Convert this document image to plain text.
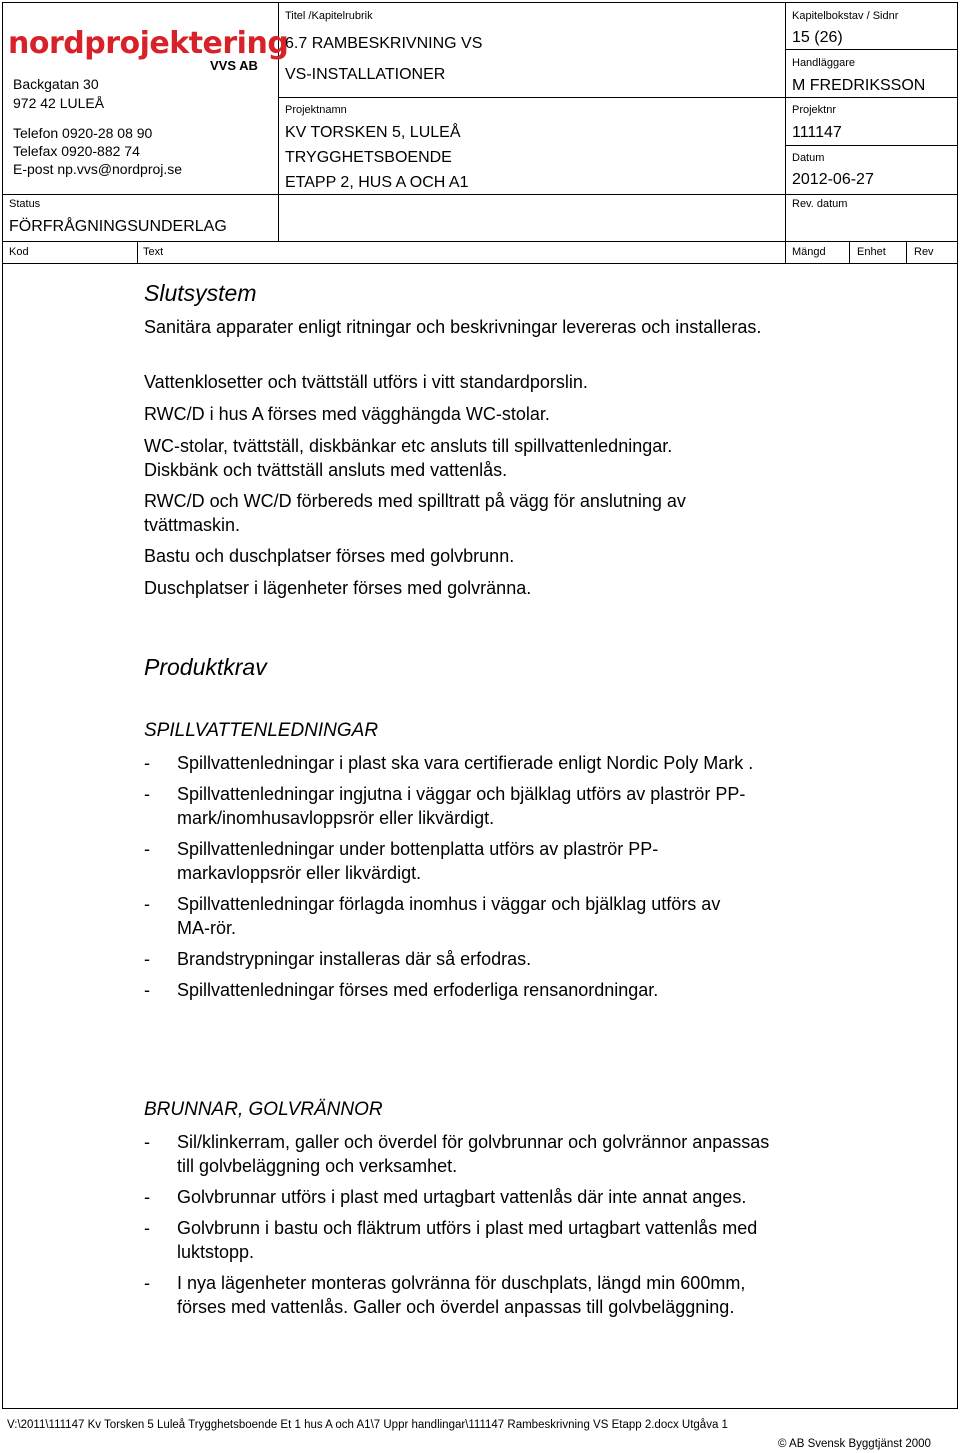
nordprojektering
VVS AB
Backgatan 30
972 42 LULEÅ
Telefon 0920-28 08 90
Telefax 0920-882 74
E-post np.vvs@nordproj.se
Status
FÖRFRÅGNINGSUNDERLAG
Titel /Kapitelrubrik
6.7 RAMBESKRIVNING VS
VS-INSTALLATIONER
Projektnamn
KV TORSKEN 5, LULEÅ
TRYGGHETSBOENDE
ETAPP 2, HUS A OCH A1
Kapitelbokstav / Sidnr
15 (26)
Handläggare
M FREDRIKSSON
Projektnr
111147
Datum
2012-06-27
Rev. datum
Kod	Text	Mängd	Enhet	Rev
Slutsystem
Sanitära apparater enligt ritningar och beskrivningar levereras och installeras.
Vattenklosetter och tvättställ utförs i vitt standardporslin.
RWC/D i hus A förses med vägghängda WC-stolar.
WC-stolar, tvättställ, diskbänkar etc ansluts till spillvattenledningar.
Diskbänk och tvättställ ansluts med vattenlås.
RWC/D och WC/D förbereds med spilltratt på vägg för anslutning av tvättmaskin.
Bastu och duschplatser förses med golvbrunn.
Duschplatser i lägenheter förses med golvränna.
Produktkrav
SPILLVATTENLEDNINGAR
- Spillvattenledningar i plast ska vara certifierade enligt Nordic Poly Mark .
- Spillvattenledningar ingjutna i väggar och bjälklag utförs av plaströr PP-mark/inomhusavloppsrör eller likvärdigt.
- Spillvattenledningar under bottenplatta utförs av plaströr PP-markavloppsrör eller likvärdigt.
- Spillvattenledningar förlagda inomhus i väggar och bjälklag utförs av MA-rör.
- Brandstrypningar installeras där så erfodras.
- Spillvattenledningar förses med erfoderliga rensanordningar.
BRUNNAR, GOLVRÄNNOR
- Sil/klinkerram, galler och överdel för golvbrunnar och golvrännor anpassas till golvbeläggning och verksamhet.
- Golvbrunnar utförs i plast med urtagbart vattenlås där inte annat anges.
- Golvbrunn i bastu och fläktrum utförs i plast med urtagbart vattenlås med luktstopp.
- I nya lägenheter monteras golvränna för duschplats, längd min 600mm, förses med vattenlås. Galler och överdel anpassas till golvbeläggning.
V:\2011\111147 Kv Torsken 5 Luleå Trygghetsboende Et 1 hus A och A1\7 Uppr handlingar\111147 Rambeskrivning VS Etapp 2.docx Utgåva 1
© AB Svensk Byggtjänst 2000
